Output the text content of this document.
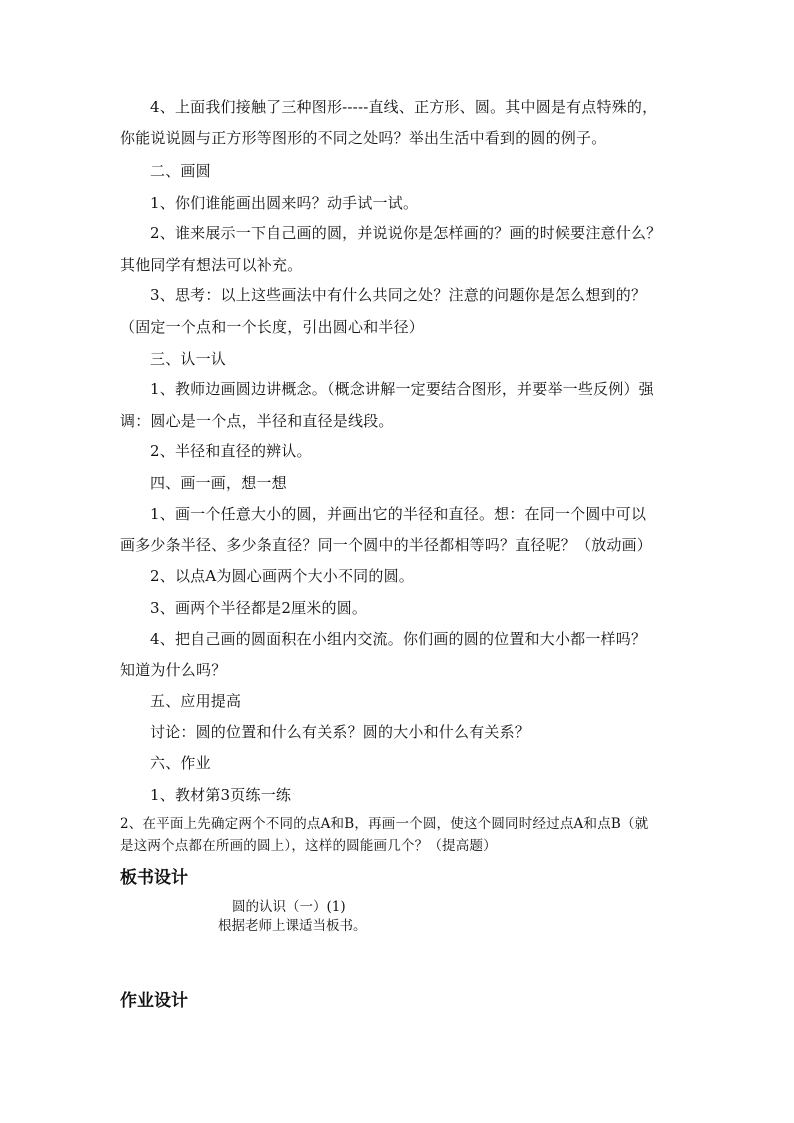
4、上面我们接触了三种图形-----直线、正方形、圆。其中圆是有点特殊的，
你能说说圆与正方形等图形的不同之处吗？举出生活中看到的圆的例子。
二、画圆
1、你们谁能画出圆来吗？动手试一试。
2、谁来展示一下自己画的圆，并说说你是怎样画的？画的时候要注意什么？
其他同学有想法可以补充。
3、思考：以上这些画法中有什么共同之处？注意的问题你是怎么想到的？
（固定一个点和一个长度，引出圆心和半径）
三、认一认
1、教师边画圆边讲概念。（概念讲解一定要结合图形，并要举一些反例）强
调：圆心是一个点，半径和直径是线段。
2、半径和直径的辨认。
四、画一画，想一想
1、画一个任意大小的圆，并画出它的半径和直径。想：在同一个圆中可以
画多少条半径、多少条直径？同一个圆中的半径都相等吗？直径呢？（放动画）
2、以点A为圆心画两个大小不同的圆。
3、画两个半径都是2厘米的圆。
4、把自己画的圆面积在小组内交流。你们画的圆的位置和大小都一样吗？
知道为什么吗？
五、应用提高
讨论：圆的位置和什么有关系？圆的大小和什么有关系？
六、作业
1、教材第3页练一练
2、在平面上先确定两个不同的点A和B，再画一个圆，使这个圆同时经过点A和点B（就
是这两个点都在所画的圆上），这样的圆能画几个？（提高题）
板书设计
圆的认识（一）(1)
根据老师上课适当板书。
作业设计
